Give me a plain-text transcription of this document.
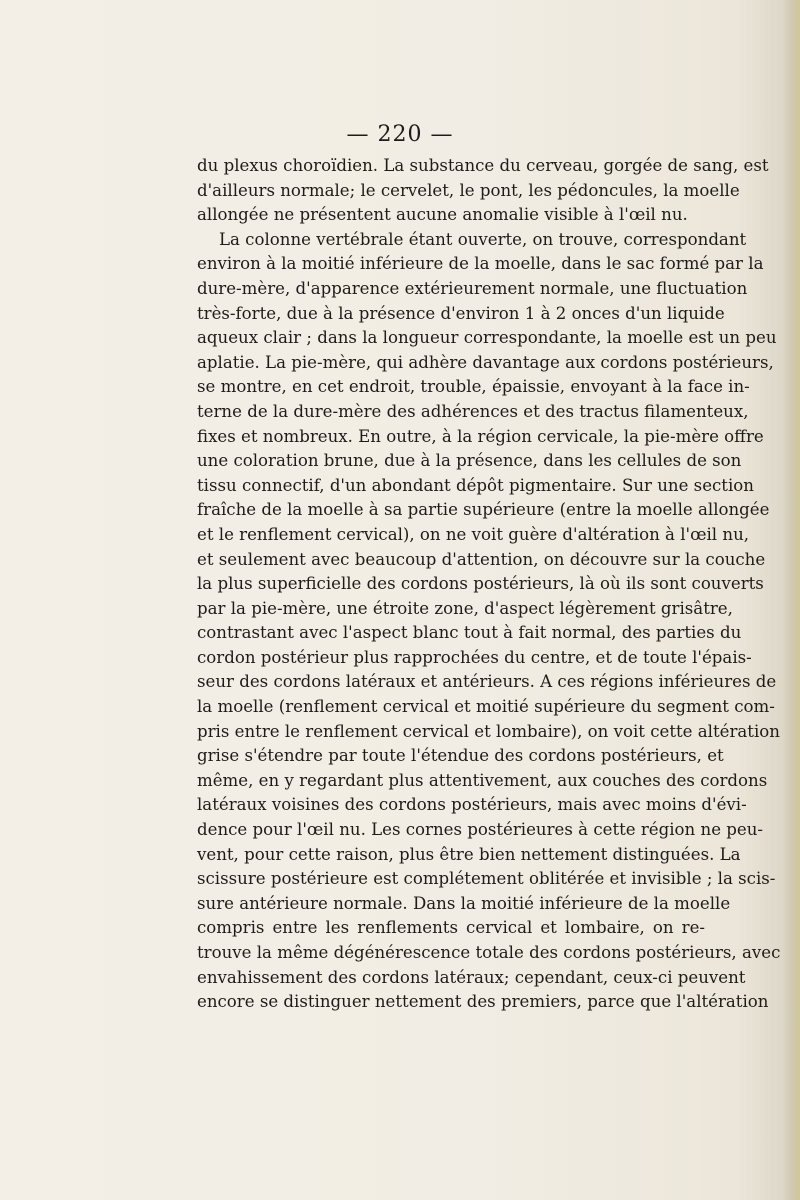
— 220 —
du plexus choroïdien. La substance du cerveau, gorgée de sang, est
d'ailleurs normale; le cervelet, le pont, les pédoncules, la moelle
allongée ne présentent aucune anomalie visible à l'œil nu.
La colonne vertébrale étant ouverte, on trouve, correspondant
environ à la moitié inférieure de la moelle, dans le sac formé par la
dure-mère, d'apparence extérieurement normale, une fluctuation
très-forte, due à la présence d'environ 1 à 2 onces d'un liquide
aqueux clair ; dans la longueur correspondante, la moelle est un peu
aplatie. La pie-mère, qui adhère davantage aux cordons postérieurs,
se montre, en cet endroit, trouble, épaissie, envoyant à la face in-
terne de la dure-mère des adhérences et des tractus filamenteux,
fixes et nombreux. En outre, à la région cervicale, la pie-mère offre
une coloration brune, due à la présence, dans les cellules de son
tissu connectif, d'un abondant dépôt pigmentaire. Sur une section
fraîche de la moelle à sa partie supérieure (entre la moelle allongée
et le renflement cervical), on ne voit guère d'altération à l'œil nu,
et seulement avec beaucoup d'attention, on découvre sur la couche
la plus superficielle des cordons postérieurs, là où ils sont couverts
par la pie-mère, une étroite zone, d'aspect légèrement grisâtre,
contrastant avec l'aspect blanc tout à fait normal, des parties du
cordon postérieur plus rapprochées du centre, et de toute l'épais-
seur des cordons latéraux et antérieurs. A ces régions inférieures de
la moelle (renflement cervical et moitié supérieure du segment com-
pris entre le renflement cervical et lombaire), on voit cette altération
grise s'étendre par toute l'étendue des cordons postérieurs, et
même, en y regardant plus attentivement, aux couches des cordons
latéraux voisines des cordons postérieurs, mais avec moins d'évi-
dence pour l'œil nu. Les cornes postérieures à cette région ne peu-
vent, pour cette raison, plus être bien nettement distinguées. La
scissure postérieure est complétement oblitérée et invisible ; la scis-
sure antérieure normale. Dans la moitié inférieure de la moelle
compris entre les renflements cervical et lombaire, on re-
trouve la même dégénérescence totale des cordons postérieurs, avec
envahissement des cordons latéraux; cependant, ceux-ci peuvent
encore se distinguer nettement des premiers, parce que l'altération
